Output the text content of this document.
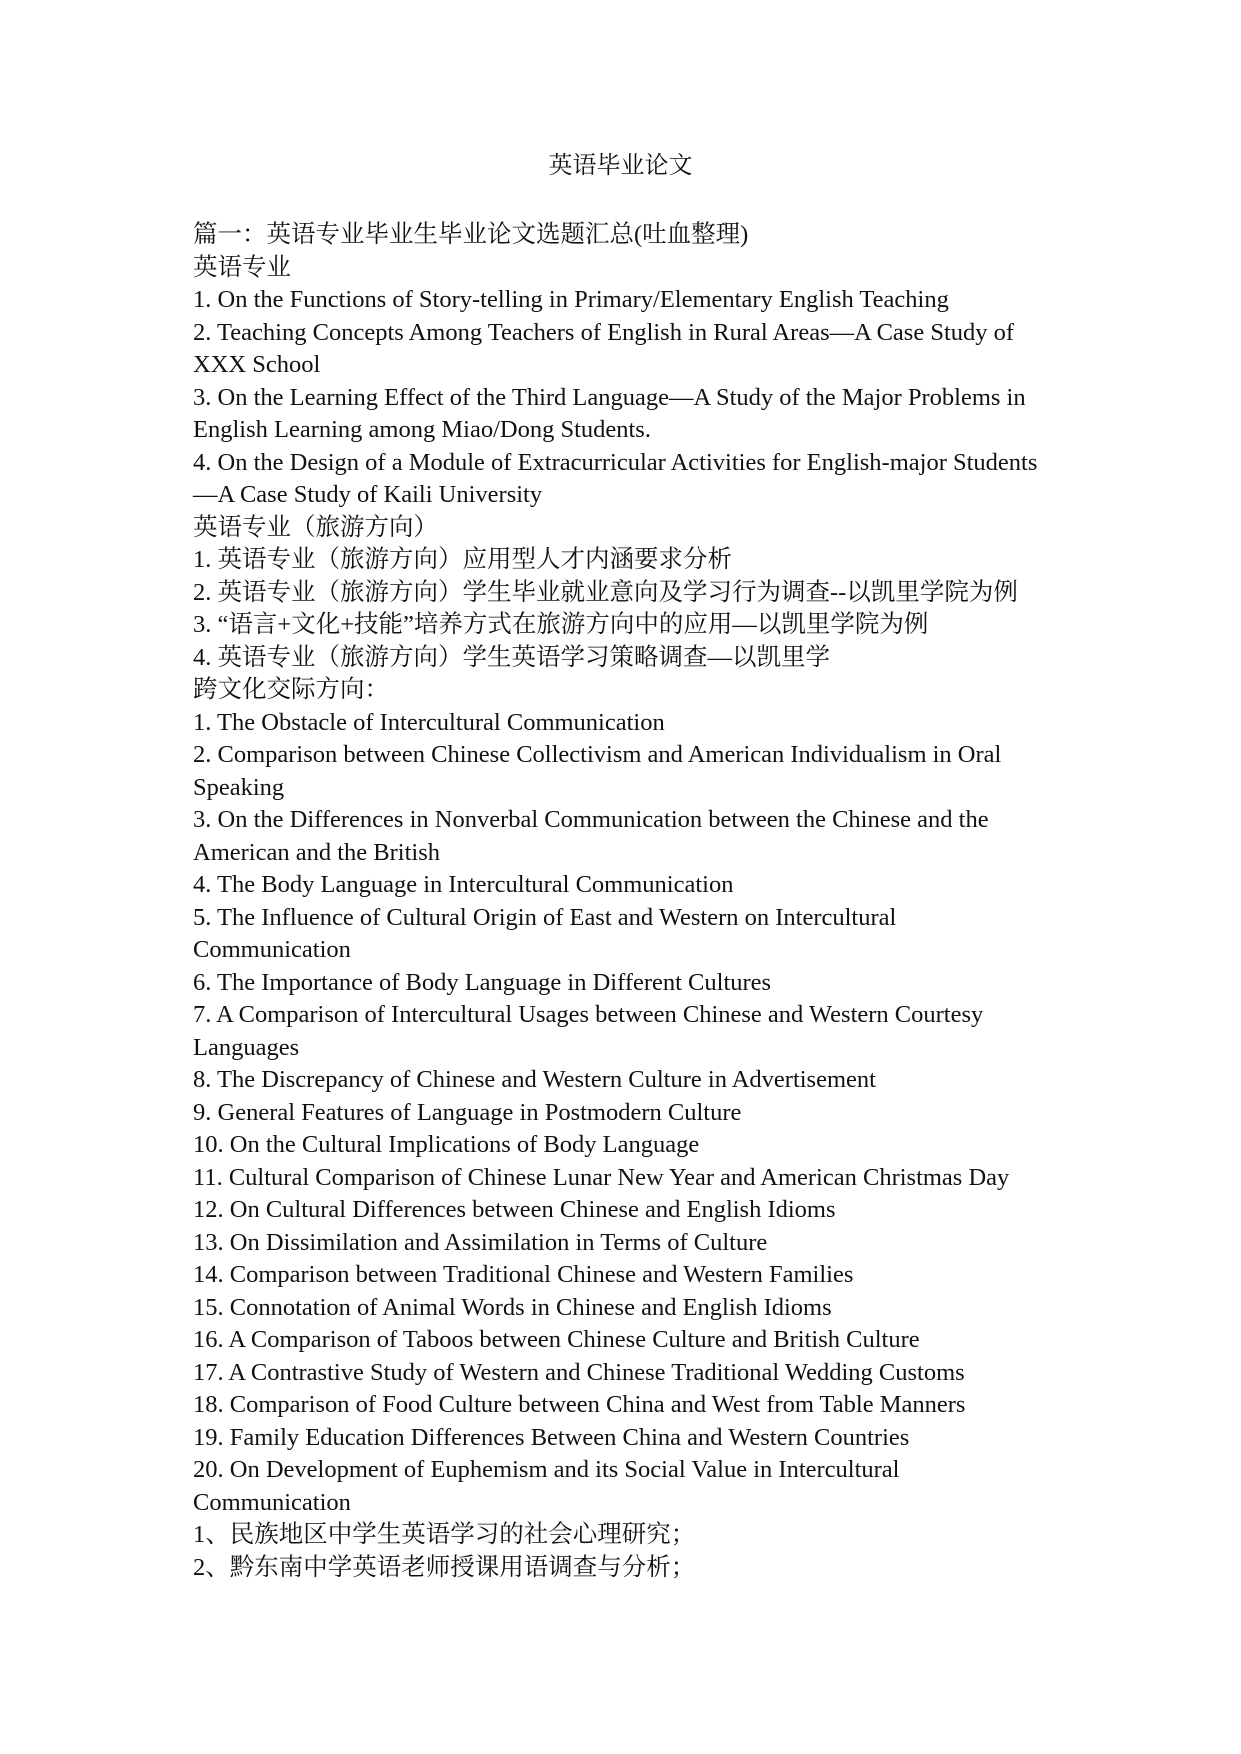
英语毕业论文
篇一：英语专业毕业生毕业论文选题汇总(吐血整理)
英语专业
1. On the Functions of Story-telling in Primary/Elementary English Teaching
2. Teaching Concepts Among Teachers of English in Rural Areas—A Case Study of XXX School
3. On the Learning Effect of the Third Language—A Study of the Major Problems in English Learning among Miao/Dong Students.
4. On the Design of a Module of Extracurricular Activities for English-major Students—A Case Study of Kaili University
英语专业（旅游方向）
1. 英语专业（旅游方向）应用型人才内涵要求分析
2. 英语专业（旅游方向）学生毕业就业意向及学习行为调查--以凯里学院为例
3. “语言+文化+技能”培养方式在旅游方向中的应用—以凯里学院为例
4. 英语专业（旅游方向）学生英语学习策略调查—以凯里学
跨文化交际方向：
1. The Obstacle of Intercultural Communication
2. Comparison between Chinese Collectivism and American Individualism in Oral Speaking
3. On the Differences in Nonverbal Communication between the Chinese and the American and the British
4. The Body Language in Intercultural Communication
5. The Influence of Cultural Origin of East and Western on Intercultural Communication
6. The Importance of Body Language in Different Cultures
7. A Comparison of Intercultural Usages between Chinese and Western Courtesy Languages
8. The Discrepancy of Chinese and Western Culture in Advertisement
9. General Features of Language in Postmodern Culture
10. On the Cultural Implications of Body Language
11. Cultural Comparison of Chinese Lunar New Year and American Christmas Day
12. On Cultural Differences between Chinese and English Idioms
13. On Dissimilation and Assimilation in Terms of Culture
14. Comparison between Traditional Chinese and Western Families
15. Connotation of Animal Words in Chinese and English Idioms
16. A Comparison of Taboos between Chinese Culture and British Culture
17. A Contrastive Study of Western and Chinese Traditional Wedding Customs
18. Comparison of Food Culture between China and West from Table Manners
19. Family Education Differences Between China and Western Countries
20. On Development of Euphemism and its Social Value in Intercultural Communication
1、民族地区中学生英语学习的社会心理研究；
2、黔东南中学英语老师授课用语调查与分析；
